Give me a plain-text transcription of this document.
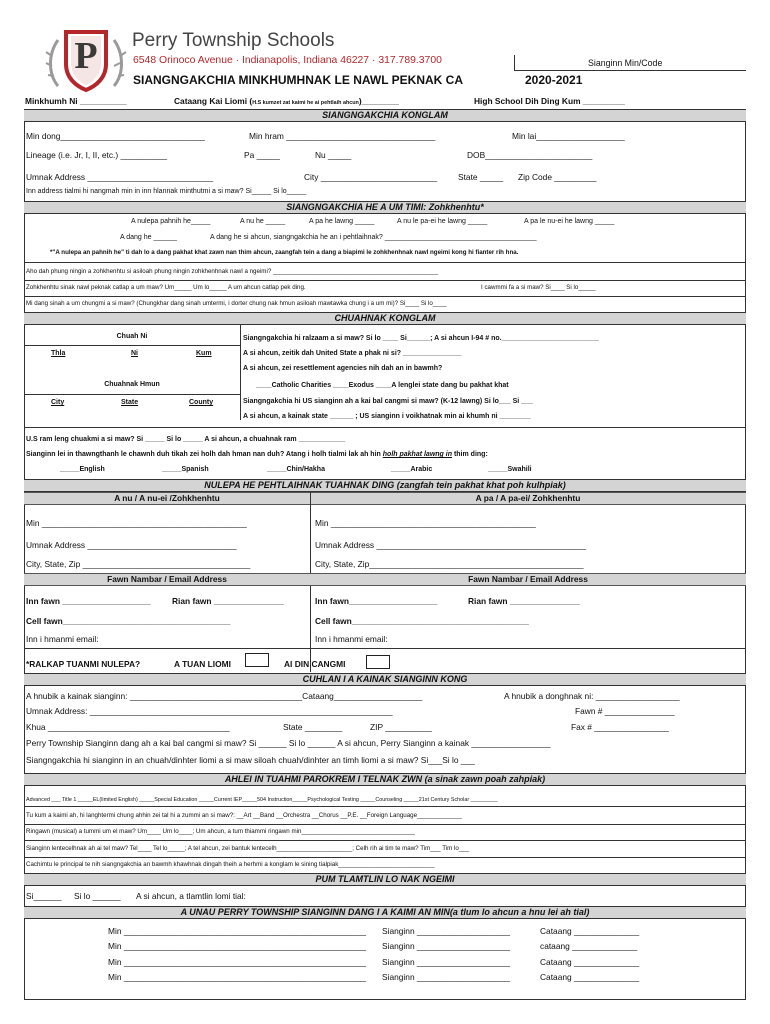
P Perry Township Schools
6548 Orinoco Avenue · Indianapolis, Indiana 46227 · 317.789.3700	Sianginn Min/Code
SIANGNGAKCHIA MINKHUMHNAK LE NAWL PEKNAK CA	2020-2021
Minkhumh Ni __________	Cataang Kai Liomi (H.S kumzet zat kaimi he ai pehtlaih ahcun)________	High School Dih Ding Kum _________
SIANGNGAKCHIA KONGLAM
Min dong_______________________________	Min hram ________________________________	Min lai___________________
Lineage (i.e. Jr, I, II, etc.) __________	Pa _____	Nu _____	DOB_______________________
Umnak Address ___________________________	City _________________________ State _____ Zip Code _________
Inn address tialmi hi nangmah min in inn hlannak minthutmi a si maw? Si_____ Si lo_____
SIANGNGAKCHIA HE A UM TIMI: Zohkhenhtu*
A nulepa pahnih he_____	A nu he _____	A pa he lawng _____	A nu le pa-ei he lawng _____	A pa le nu-ei he lawng _____
A dang he ______	A dang he si ahcun, siangngakchia he an i pehtlaihnak? _______________________________________
*"A nulepa an pahnih he" ti dah lo a dang pakhat khat zawn nan thim ahcun, zaangfah tein a dang a biapimi le zohkhenhnak nawl ngeimi kong hi fianter rih hna.
Aho dah phung ningin a zohkhenhtu si asiloah phung ningin zohkhenhnak nawl a ngeimi? ________________________________________________
Zohkhenhtu sinak nawl peknak catlap a um maw? Um_____ Um lo_____ A um ahcun catlap pek ding.	I cawmmi fa a si maw? Si____ Si lo_____
Mi dang sinah a um chungmi a si maw? (Chungkhar dang sinah umtermi, i dorter chung nak hmun asiloah mawtawka chung i a um mi)? Si____ Si lo____
CHUAHNAK KONGLAM
Chuah Ni
Thla	Ni	Kum
Chuahnak Hmun
City	State	County
Siangngakchia hi ralzaam a si maw? Si lo ____ Si______; A si ahcun I-94 # no._________________________
A si ahcun, zeitik dah United State a phak ni si? _______________
A si ahcun, zei resettlement agencies nih dah an in bawmh?
____Catholic Charities ____Exodus ____A lenglei state dang bu pakhat khat
Siangngakchia hi US sianginn ah a kai bal cangmi si maw? (K-12 lawng) Si lo___ Si ___
A si ahcun, a kainak state ______ ; US sianginn i voikhatnak min ai khumh ni ________
U.S ram leng chuakmi a si maw? Si _____ Si lo _____ A si ahcun, a chuahnak ram ____________
Sianginn lei in thawngthanh le chawnh duh tikah zei holh dah hman nan duh? Atang i holh tialmi lak ah hin holh pakhat lawng in thim ding:
_____English	_____Spanish	_____Chin/Hakha	_____Arabic	_____Swahili
NULEPA HE PEHTLAIHNAK TUAHNAK DING (zangfah tein pakhat khat poh kulhpiak)
A nu / A nu-ei /Zohkhenhtu	A pa / A pa-ei/ Zohkhenhtu
Min ____________________________________________	Min ____________________________________________
Umnak Address ________________________________	Umnak Address _____________________________________________
City, State, Zip ____________________________________	City, State, Zip______________________________________________
Fawn Nambar / Email Address	Fawn Nambar / Email Address
Inn fawn ___________________	Rian fawn _______________	Inn fawn___________________	Rian fawn _______________
Cell fawn____________________________________	Cell fawn______________________________________
Inn i hmanmi email:	Inn i hmanmi email:
*RALKAP TUANMI NULEPA?	A TUAN LIOMI	AI DIN CANGMI
CUHLAN I A KAINAK SIANGINN KONG
A hnubik a kainak sianginn: _____________________________________Cataang___________________	A hnubik a donghnak ni: __________________
Umnak Address: _________________________________________________________________	Fawn # _______________
Khua _______________________________________	State ________	ZIP __________	Fax # ________________
Perry Township Sianginn dang ah a kai bal cangmi si maw? Si ______ Si lo ______ A si ahcun, Perry Sianginn a kainak _________________
Siangngakchia hi sianginn in an chuah/dinhter liomi a si maw siloah chuah/dinhter an timh liomi a si maw? Si___Si lo ___
AHLEI IN TUAHMI PAROKREM I TELNAK ZWN (a sinak zawn poah zahpiak)
Advanced ___ Title 1 _____EL(limited English) _____Special Education _____Current IEP_____504 Instruction_____Psychological Testing _____Counseling _____21st Century Scholar _________
Tu kum a kaimi ah, hi langhtermi chung ahhin zei tal hi a zummi an si maw?: __Art __Band __Orchestra __Chorus __P.E. __Foreign Language_____________
Ringawn (musical) a tummi um el maw? Um____ Um lo____; Um ahcun, a tum thiammi ringawn min_________________________________
Sianginn lentecelhnak ah ai tel maw? Tel____ Tel lo_____; A tel ahcun, zei bantuk lentecelh______________________; Celh rih ai tim te maw? Tim___ Tim lo___
Cachimtu le principal te nih siangngakchia an bawmh khawhnak dingah theih a herhmi a konglam le sining tialpiak____________________________
PUM TLAMTLIN LO NAK NGEIMI
Si______ Si lo ______ A si ahcun, a tlamtlin lomi tial:
A UNAU PERRY TOWNSHIP SIANGINN DANG I A KAIMI AN MIN(a tlum lo ahcun a hnu lei ah tial)
Min ____________________________________________________ Sianginn ____________________	Cataang ______________
Min ____________________________________________________ Sianginn ____________________	cataang ______________
Min ____________________________________________________ Sianginn ____________________	Cataang ______________
Min ____________________________________________________ Sianginn ____________________	Cataang ______________
